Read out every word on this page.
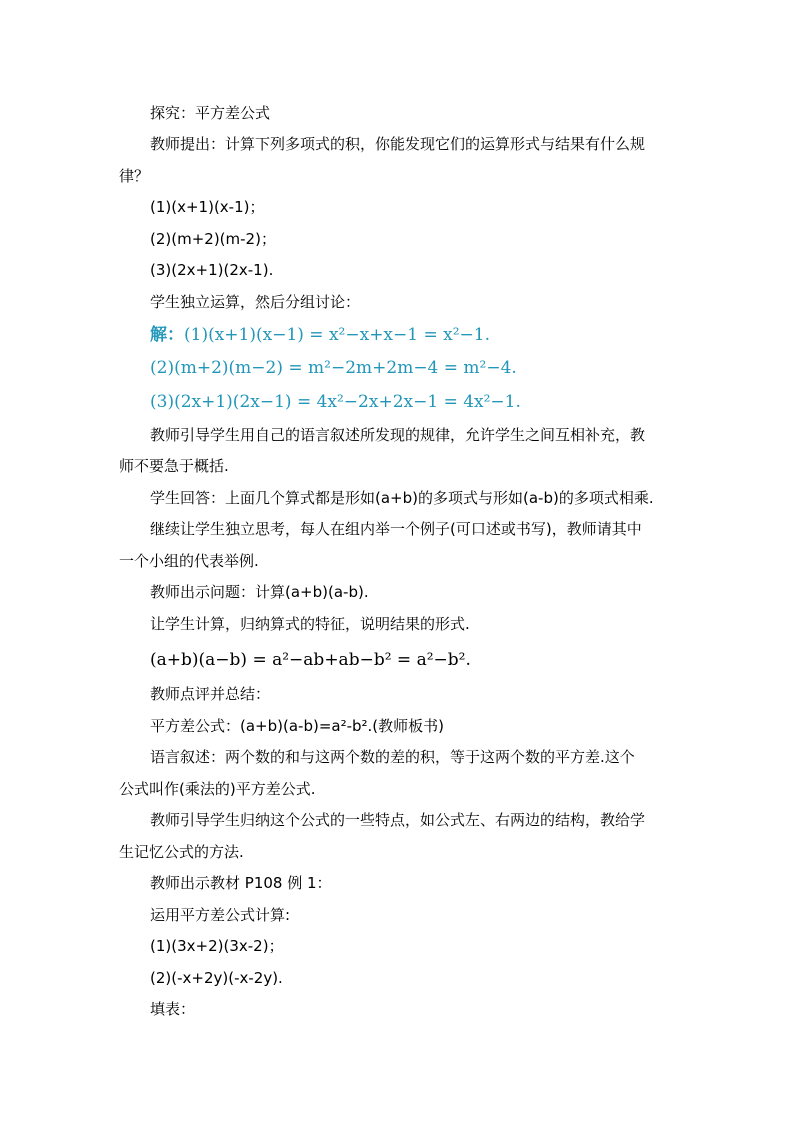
探究：平方差公式
教师提出：计算下列多项式的积，你能发现它们的运算形式与结果有什么规
律？
(1)(x+1)(x-1)；
(2)(m+2)(m-2)；
(3)(2x+1)(2x-1).
学生独立运算，然后分组讨论：
解：(1)(x+1)(x−1) = x²−x+x−1 = x²−1.
(2)(m+2)(m−2) = m²−2m+2m−4 = m²−4.
(3)(2x+1)(2x−1) = 4x²−2x+2x−1 = 4x²−1.
教师引导学生用自己的语言叙述所发现的规律，允许学生之间互相补充，教
师不要急于概括.
学生回答：上面几个算式都是形如(a+b)的多项式与形如(a-b)的多项式相乘.
继续让学生独立思考，每人在组内举一个例子(可口述或书写)，教师请其中
一个小组的代表举例.
教师出示问题：计算(a+b)(a-b).
让学生计算，归纳算式的特征，说明结果的形式.
(a+b)(a−b) = a²−ab+ab−b² = a²−b².
教师点评并总结：
平方差公式：(a+b)(a-b)=a²-b².(教师板书)
语言叙述：两个数的和与这两个数的差的积，等于这两个数的平方差.这个
公式叫作(乘法的)平方差公式.
教师引导学生归纳这个公式的一些特点，如公式左、右两边的结构，教给学
生记忆公式的方法.
教师出示教材 P108 例 1：
运用平方差公式计算:
(1)(3x+2)(3x-2)；
(2)(-x+2y)(-x-2y).
填表：
